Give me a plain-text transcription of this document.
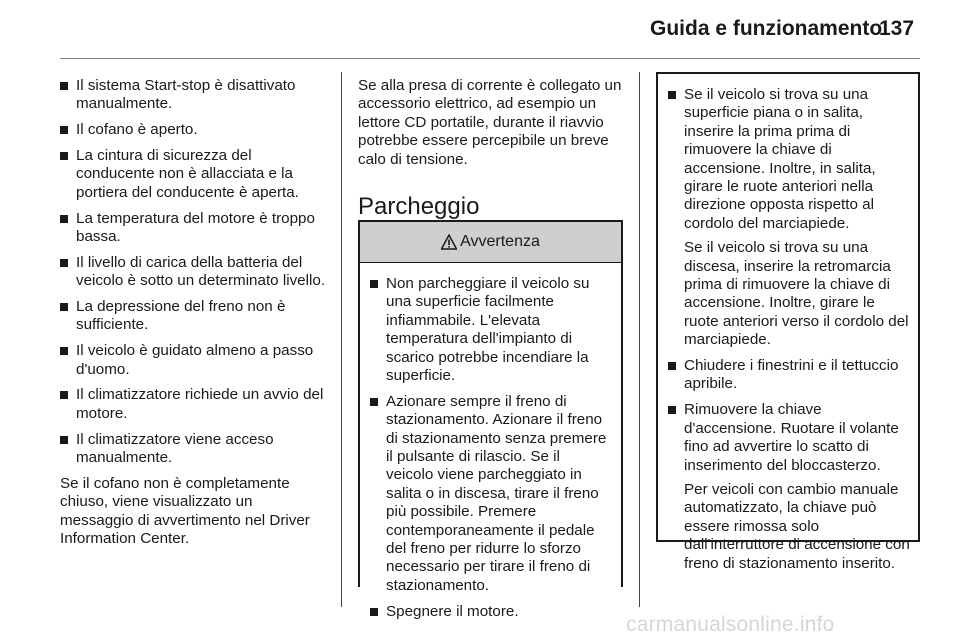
Guida e funzionamento
137
Il sistema Start-stop è disattivato manualmente.
Il cofano è aperto.
La cintura di sicurezza del conducente non è allacciata e la portiera del conducente è aperta.
La temperatura del motore è troppo bassa.
Il livello di carica della batteria del veicolo è sotto un determinato livello.
La depressione del freno non è sufficiente.
Il veicolo è guidato almeno a passo d'uomo.
Il climatizzatore richiede un avvio del motore.
Il climatizzatore viene acceso manualmente.

Se il cofano non è completamente chiuso, viene visualizzato un messaggio di avvertimento nel Driver Information Center.

Se alla presa di corrente è collegato un accessorio elettrico, ad esempio un lettore CD portatile, durante il riavvio potrebbe essere percepibile un breve calo di tensione.

Parcheggio
Avvertenza
Non parcheggiare il veicolo su una superficie facilmente infiammabile. L'elevata temperatura dell'impianto di scarico potrebbe incendiare la superficie.
Azionare sempre il freno di stazionamento. Azionare il freno di stazionamento senza premere il pulsante di rilascio. Se il veicolo viene parcheggiato in salita o in discesa, tirare il freno più possibile. Premere contemporaneamente il pedale del freno per ridurre lo sforzo necessario per tirare il freno di stazionamento.
Spegnere il motore.
Se il veicolo si trova su una superficie piana o in salita, inserire la prima prima di rimuovere la chiave di accensione. Inoltre, in salita, girare le ruote anteriori nella direzione opposta rispetto al cordolo del marciapiede.
Se il veicolo si trova su una discesa, inserire la retromarcia prima di rimuovere la chiave di accensione. Inoltre, girare le ruote anteriori verso il cordolo del marciapiede.
Chiudere i finestrini e il tettuccio apribile.
Rimuovere la chiave d'accensione. Ruotare il volante fino ad avvertire lo scatto di inserimento del bloccasterzo.
Per veicoli con cambio manuale automatizzato, la chiave può essere rimossa solo dall'interruttore di accensione con freno di stazionamento inserito.
carmanualsonline.info
